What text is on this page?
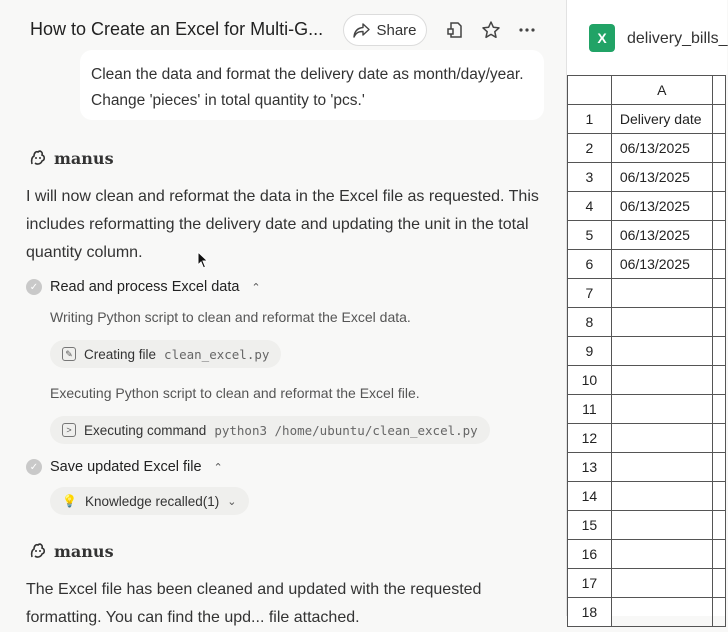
How to Create an Excel for Multi-G...	Share
Clean the data and format the delivery date as month/day/year. Change 'pieces' in total quantity to 'pcs.'
manus
I will now clean and reformat the data in the Excel file as requested. This includes reformatting the delivery date and updating the unit in the total quantity column.
✓ Read and process Excel data ⌃
Writing Python script to clean and reformat the Excel data.
✎ Creating file clean_excel.py
Executing Python script to clean and reformat the Excel file.
> Executing command python3 /home/ubuntu/clean_excel.py
✓ Save updated Excel file ⌃
💡 Knowledge recalled(1) ⌄
manus
The Excel file has been cleaned and updated with the requested
formatting. You can find the upd... file attached.
X	delivery_bills_
	A	
1	Delivery date	
2	06/13/2025	
3	06/13/2025	
4	06/13/2025	
5	06/13/2025	
6	06/13/2025	
7		
8		
9		
10		
11		
12		
13		
14		
15		
16		
17		
18		
